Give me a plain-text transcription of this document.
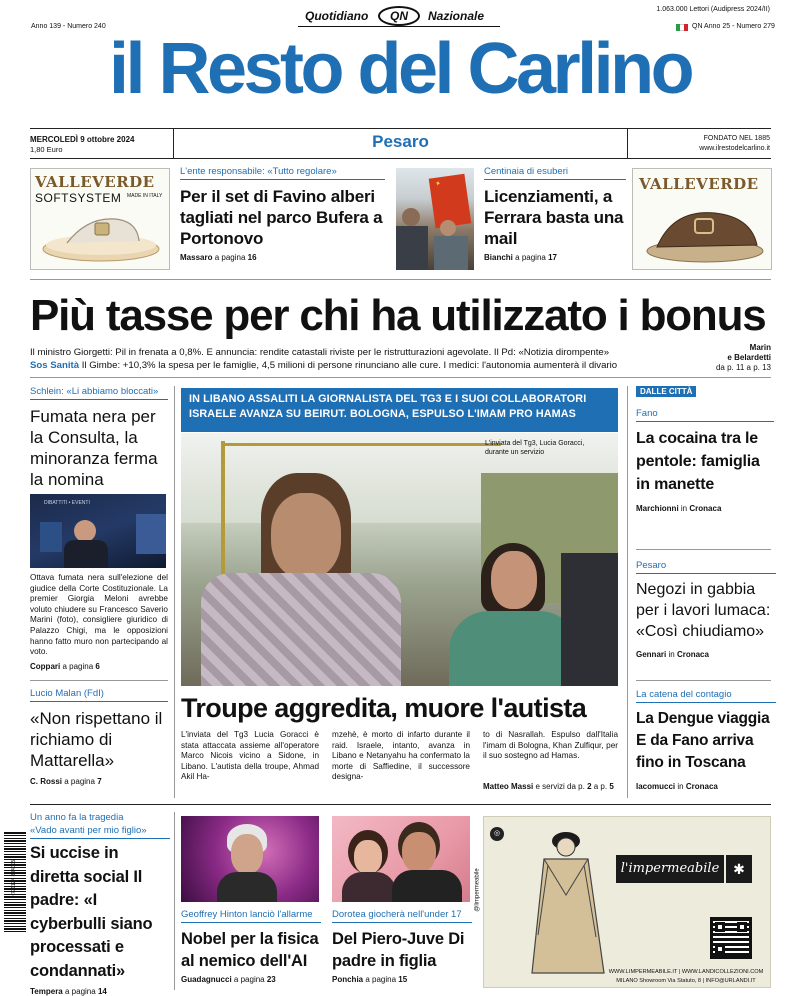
Quotidiano	QN	Nazionale	1.063.000 Lettori (Audipress 2024/II)
Anno 139 - Numero 240	QN Anno 25 - Numero 279
il Resto del Carlino
MERCOLEDÌ 9 ottobre 2024
1,80 Euro	Pesaro	FONDATO NEL 1885
www.ilrestodelcarlino.it
VALLEVERDE
SOFTSYSTEM MADE IN ITALY
L'ente responsabile: «Tutto regolare»
Per il set di Favino alberi tagliati nel parco Bufera a Portonovo
Massaro a pagina 16
✦
Centinaia di esuberi
Licenziamenti, a Ferrara basta una mail
Bianchi a pagina 17
VALLEVERDE
Più tasse per chi ha utilizzato i bonus
Il ministro Giorgetti: Pil in frenata a 0,8%. E annuncia: rendite catastali riviste per le ristrutturazioni agevolate. Il Pd: «Notizia dirompente»
Sos Sanità Il Gimbe: +10,3% la spesa per le famiglie, 4,5 milioni di persone rinunciano alle cure. I medici: l'autonomia aumenterà il divario
Marin
e Belardetti
da p. 11 a p. 13
Schlein: «Li abbiamo bloccati»
Fumata nera per la Consulta, la minoranza ferma la nomina
DIBATTITI • EVENTI
Ottava fumata nera sull'elezione del giudice della Corte Costituzionale. La premier Giorgia Meloni avrebbe voluto chiudere su Francesco Saverio Marini (foto), consigliere giuridico di Palazzo Chigi, ma le opposizioni hanno fatto muro non partecipando al voto.
Coppari a pagina 6
Lucio Malan (FdI)
«Non rispettano il richiamo di Mattarella»
C. Rossi a pagina 7
IN LIBANO ASSALITI LA GIORNALISTA DEL TG3 E I SUOI COLLABORATORI
ISRAELE AVANZA SU BEIRUT. BOLOGNA, ESPULSO L'IMAM PRO HAMAS
L'inviata del Tg3, Lucia Goracci, durante un servizio
Troupe aggredita, muore l'autista
L'inviata del Tg3 Lucia Goracci è stata attaccata assieme all'operatore Marco Nicois vicino a Sidone, in Libano. L'autista della troupe, Ahmad Akil Ha-
mzehè, è morto di infarto durante il raid. Israele, intanto, avanza in Libano e Netanyahu ha confermato la morte di Saffiedine, il successore designa-
to di Nasrallah. Espulso dall'Italia l'imam di Bologna, Khan Zulfiqur, per il suo sostegno ad Hamas.
Matteo Massi e servizi da p. 2 a p. 5
DALLE CITTÀ
Fano
La cocaina tra le pentole: famiglia in manette
Marchionni in Cronaca
Pesaro
Negozi in gabbia per i lavori lumaca: «Così chiudiamo»
Gennari in Cronaca
La catena del contagio
La Dengue viaggia E da Fano arriva fino in Toscana
Iacomucci in Cronaca
9 771124 834005
Un anno fa la tragedia
«Vado avanti per mio figlio»
Si uccise in diretta social Il padre: «I cyberbulli siano processati e condannati»
Tempera a pagina 14
Geoffrey Hinton lanciò l'allarme
Nobel per la fisica al nemico dell'AI
Guadagnucci a pagina 23
Dorotea giocherà nell'under 17
Del Piero-Juve Di padre in figlia
Ponchia a pagina 15
◎
@limpermeabile	l'impermeabile ✱
WWW.LIMPERMEABILE.IT | WWW.LANDICOLLEZIONI.COM
MILANO Showroom Via Statuto, 8 | INFO@URLANDI.IT
